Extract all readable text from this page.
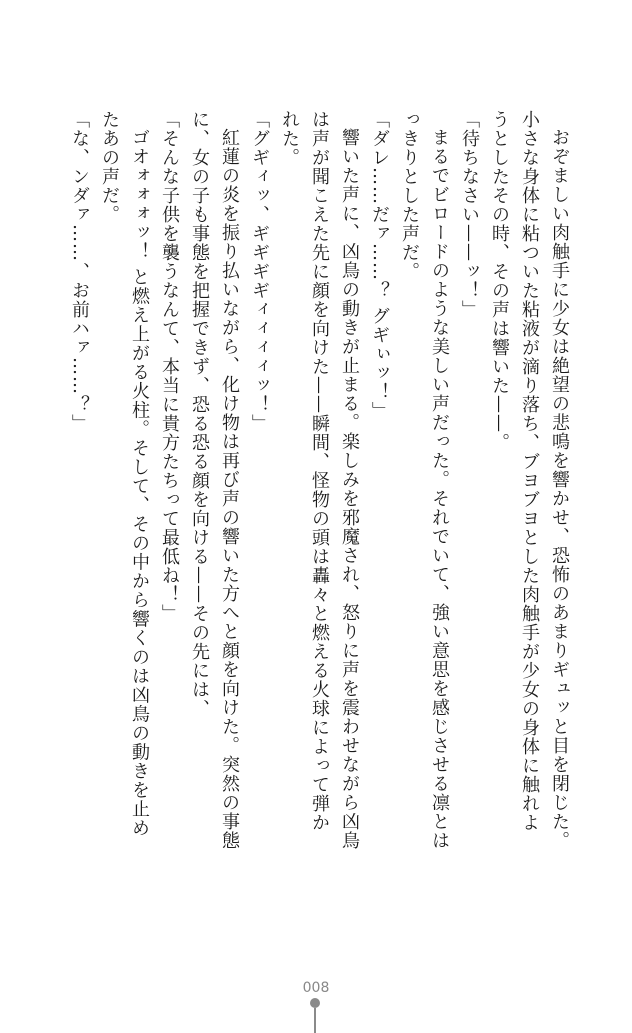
おぞましい肉触手に少女は絶望の悲鳴を響かせ、恐怖のあまりギュッと目を閉じた。小さな身体に粘ついた粘液が滴り落ち、ブヨブヨとした肉触手が少女の身体に触れようとしたその時、その声は響いた——。

「待ちなさい——ッ！」

まるでビロードのような美しい声だった。それでいて、強い意思を感じさせる凛とはっきりとした声だ。

「ダレ……だァ……？ グギぃッ！」

響いた声に、凶鳥の動きが止まる。楽しみを邪魔され、怒りに声を震わせながら凶鳥は声が聞こえた先に顔を向けた——瞬間、怪物の頭は轟々と燃える火球によって弾かれた。

「グギィッ、ギギギギィィィィッ！」

紅蓮の炎を振り払いながら、化け物は再び声の響いた方へと顔を向けた。突然の事態に、女の子も事態を把握できず、恐る恐る顔を向ける——その先には、

「そんな子供を襲うなんて、本当に貴方たちって最低ね！」

ゴオォォォッ！ と燃え上がる火柱。そして、その中から響くのは凶鳥の動きを止めたあの声だ。

「な、ンダァ……、お前ハァ……？」

008
